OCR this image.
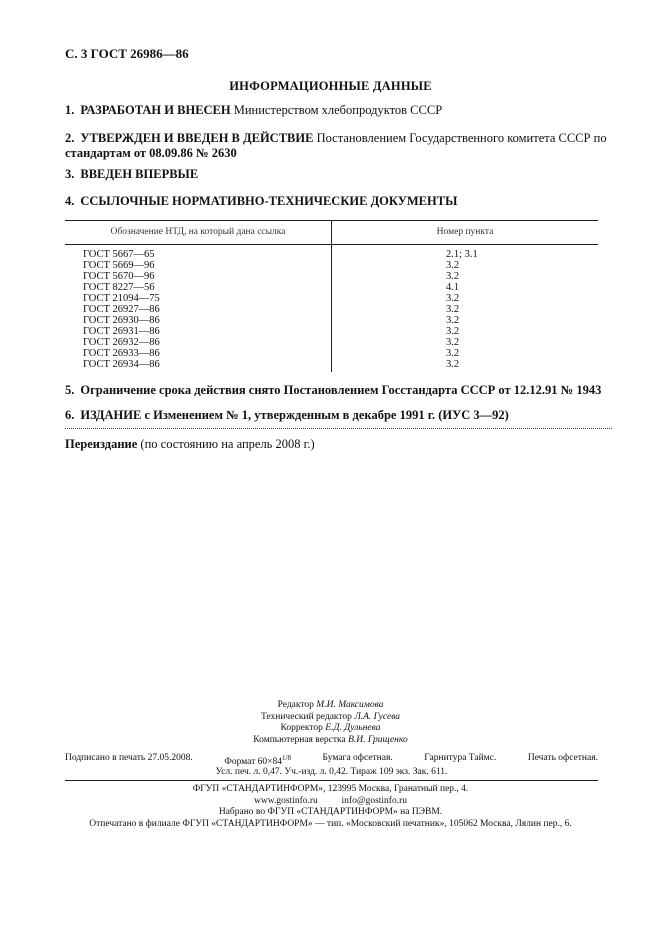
С. 3 ГОСТ 26986—86
ИНФОРМАЦИОННЫЕ ДАННЫЕ
1. РАЗРАБОТАН И ВНЕСЕН Министерством хлебопродуктов СССР
2. УТВЕРЖДЕН И ВВЕДЕН В ДЕЙСТВИЕ Постановлением Государственного комитета СССР по
стандартам от 08.09.86 № 2630
3. ВВЕДЕН ВПЕРВЫЕ
4. ССЫЛОЧНЫЕ НОРМАТИВНО-ТЕХНИЧЕСКИЕ ДОКУМЕНТЫ
Обозначение НТД, на который дана ссылка	Номер пункта
ГОСТ 5667—65	2.1; 3.1
ГОСТ 5669—96	3.2
ГОСТ 5670—96	3.2
ГОСТ 8227—56	4.1
ГОСТ 21094—75	3.2
ГОСТ 26927—86	3.2
ГОСТ 26930—86	3.2
ГОСТ 26931—86	3.2
ГОСТ 26932—86	3.2
ГОСТ 26933—86	3.2
ГОСТ 26934—86	3.2
5. Ограничение срока действия снято Постановлением Госстандарта СССР от 12.12.91 № 1943
6. ИЗДАНИЕ с Изменением № 1, утвержденным в декабре 1991 г. (ИУС 3—92)
Переиздание (по состоянию на апрель 2008 г.)
Редактор М.И. Максимова
Технический редактор Л.А. Гусева
Корректор Е.Д. Дульнева
Компьютерная верстка В.И. Грищенко
Подписано в печать 27.05.2008.	Формат $60\times 84^{1/8}$	Бумага офсетная.	Гарнитура Таймс.	Печать офсетная.
Усл. печ. л. 0,47. Уч.-изд. л. 0,42. Тираж 109 экз. Зак. 611.
ФГУП «СТАНДАРТИНФОРМ», 123995 Москва, Гранатный пер., 4.
www.gostinfo.ru          info@gostinfo.ru
Набрано во ФГУП «СТАНДАРТИНФОРМ» на ПЭВМ.
Отпечатано в филиале ФГУП «СТАНДАРТИНФОРМ» — тип. «Московский печатник», 105062 Москва, Лялин пер., 6.
